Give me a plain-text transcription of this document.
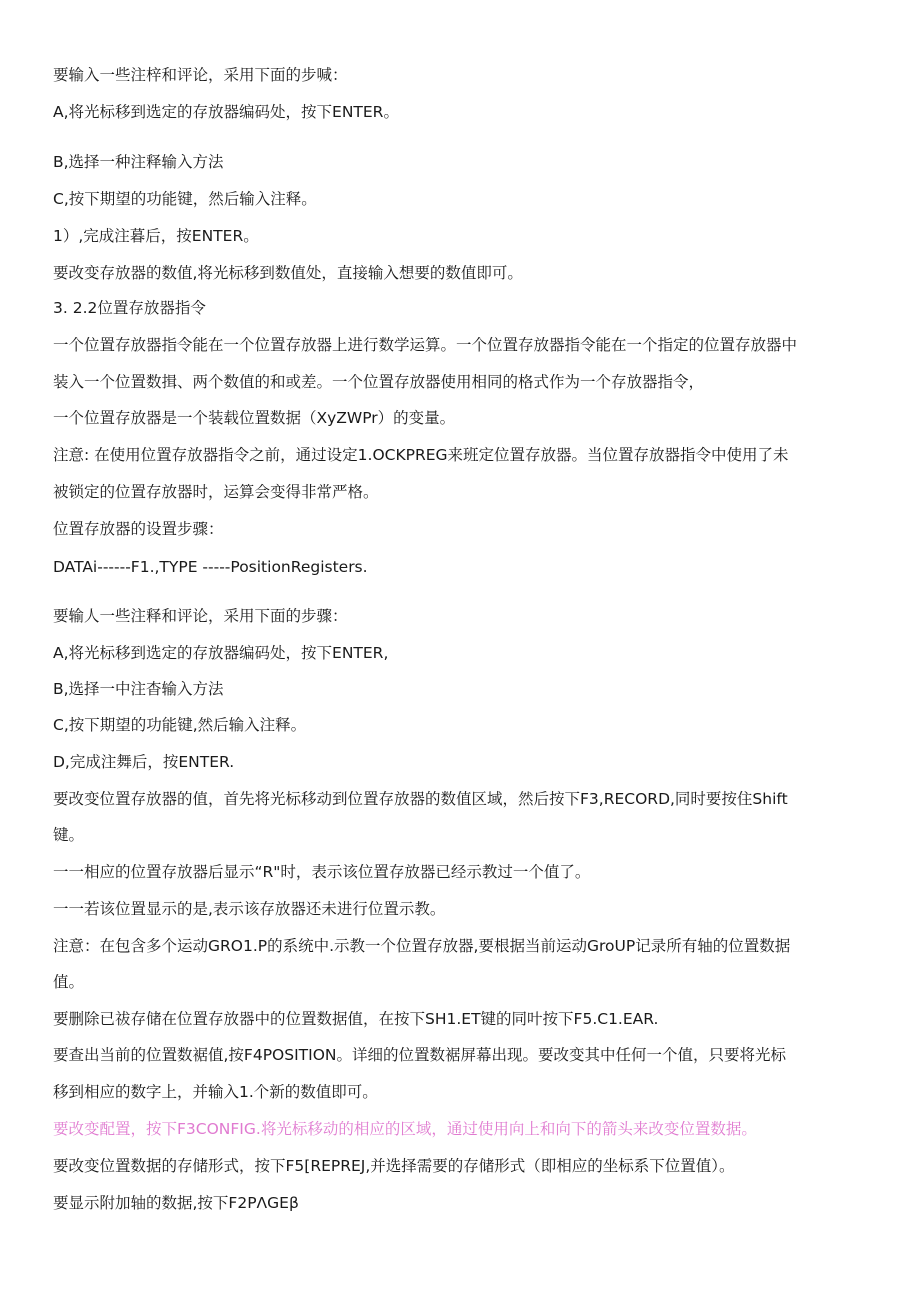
要输入一些注梓和评论，采用下面的步喊：
A,将光标移到选定的存放器编码处，按下ENTER。
B,选择一种注释输入方法
C,按下期望的功能键，然后输入注释。
1）,完成注暮后，按ENTER。
要改变存放器的数值,将光标移到数值处，直接输入想要的数值即可。
3. 2.2位置存放器指令
一个位置存放器指令能在一个位置存放器上进行数学运算。一个位置存放器指令能在一个指定的位置存放器中
装入一个位置数揖、两个数值的和或差。一个位置存放器使用相同的格式作为一个存放器指令，
一个位置存放器是一个装载位置数据（XyZWPr）的变量。
注意: 在使用位置存放器指令之前，通过设定1.OCKPREG来班定位置存放器。当位置存放器指令中使用了未
被锁定的位置存放器时，运算会变得非常严格。
位置存放器的设置步骤：
DATAi------F1.,TYPE -----PositionRegisters.
要输人一些注释和评论，采用下面的步骤：
A,将光标移到选定的存放器编码处，按下ENTER,
B,选择一中注杳输入方法
C,按下期望的功能键,然后输入注释。
D,完成注舞后，按ENTER.
要改变位置存放器的值，首先将光标移动到位置存放器的数值区域，然后按下F3,RECORD,同时要按住Shift
键。
一一相应的位置存放器后显示“R"时，表示该位置存放器已经示教过一个值了。
一一若该位置显示的是,表示该存放器还未进行位置示教。
注意：在包含多个运动GRO1.P的系统中.示教一个位置存放器,要根据当前运动GroUP记录所有轴的位置数据
值。
要删除已祓存储在位置存放器中的位置数据值，在按下SH1.ET键的同叶按下F5.C1.EAR.
要查出当前的位置数裾值,按F4POSITION。详细的位置数裾屏幕出现。要改变其中任何一个值，只要将光标
移到相应的数字上，并输入1.个新的数值即可。
要改变配置，按下F3CONFIG.将光标移动的相应的区域，通过使用向上和向下的箭头来改变位置数据。
要改变位置数据的存储形式，按下F5[REPREJ,并选择需要的存储形式（即相应的坐标系下位置值）。
要显示附加轴的数据,按下F2PΛGEβ
